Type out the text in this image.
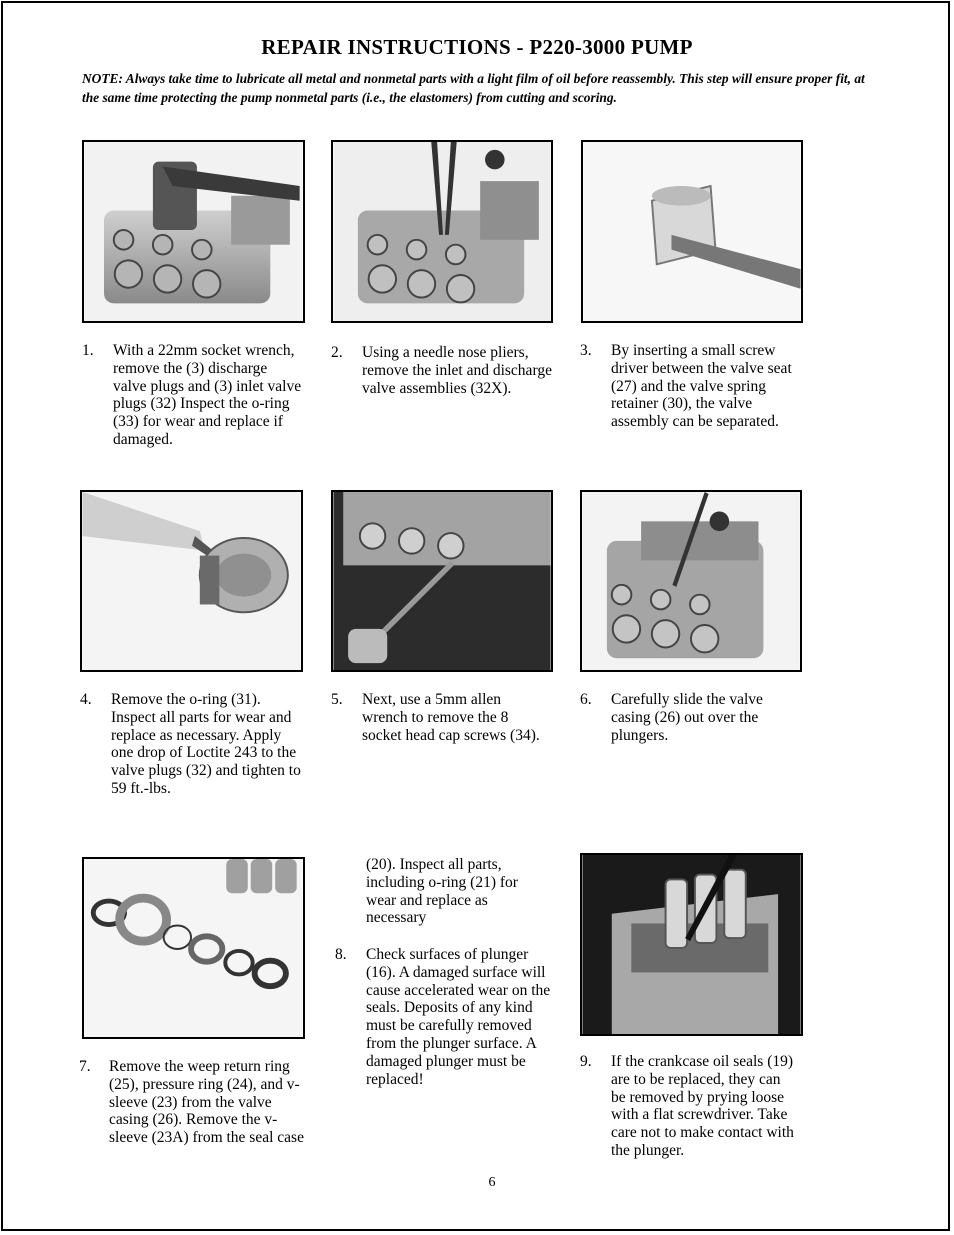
REPAIR INSTRUCTIONS - P220-3000 PUMP
NOTE: Always take time to lubricate all metal and nonmetal parts with a light film of oil before reassembly. This step will ensure proper fit, at the same time protecting the pump nonmetal parts (i.e., the elastomers) from cutting and scoring.
1. With a 22mm socket wrench, remove the (3) discharge valve plugs and (3) inlet valve plugs (32) Inspect the o-ring (33) for wear and replace if damaged.
2. Using a needle nose pliers, remove the inlet and discharge valve assemblies (32X).
3. By inserting a small screw driver between the valve seat (27) and the valve spring retainer (30), the valve assembly can be separated.
4. Remove the o-ring (31). Inspect all parts for wear and replace as necessary. Apply one drop of Loctite 243 to the valve plugs (32) and tighten to 59 ft.-lbs.
5. Next, use a 5mm allen wrench to remove the 8 socket head cap screws (34).
6. Carefully slide the valve casing (26) out over the plungers.
7. Remove the weep return ring (25), pressure ring (24), and v-sleeve (23) from the valve casing (26). Remove the v-sleeve (23A) from the seal case
(20). Inspect all parts, including o-ring (21) for wear and replace as necessary
8. Check surfaces of plunger (16). A damaged surface will cause accelerated wear on the seals. Deposits of any kind must be carefully removed from the plunger surface. A damaged plunger must be replaced!
9. If the crankcase oil seals (19) are to be replaced, they can be removed by prying loose with a flat screwdriver. Take care not to make contact with the plunger.
6
